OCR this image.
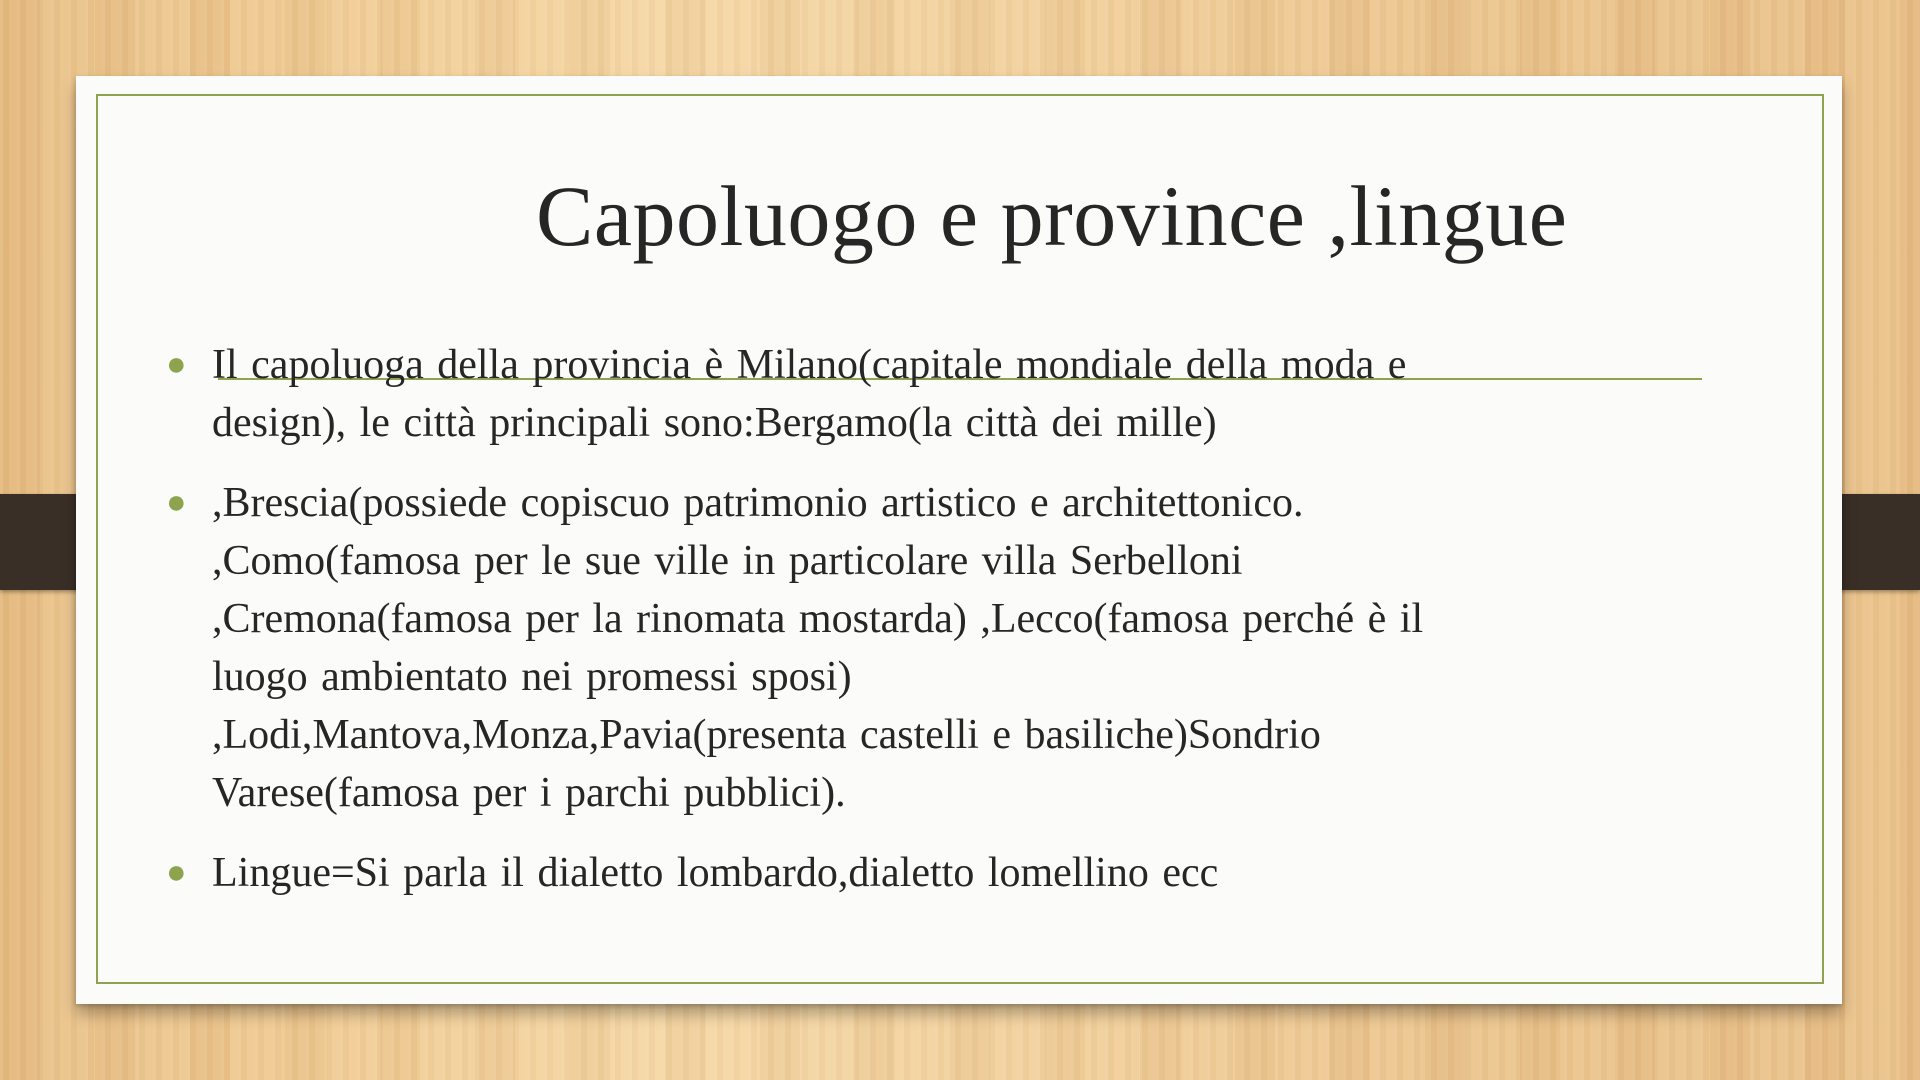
Capoluogo e province ,lingue
● Il capoluoga della provincia è Milano(capitale mondiale della moda e
design), le città principali sono:Bergamo(la città dei mille)
● ,Brescia(possiede copiscuo patrimonio artistico e architettonico.
,Como(famosa per le sue ville in particolare villa Serbelloni
,Cremona(famosa per la rinomata mostarda) ,Lecco(famosa perché è il
luogo ambientato nei promessi sposi)
,Lodi,Mantova,Monza,Pavia(presenta castelli e basiliche)Sondrio
Varese(famosa per i parchi pubblici).
● Lingue=Si parla il dialetto lombardo,dialetto lomellino ecc
